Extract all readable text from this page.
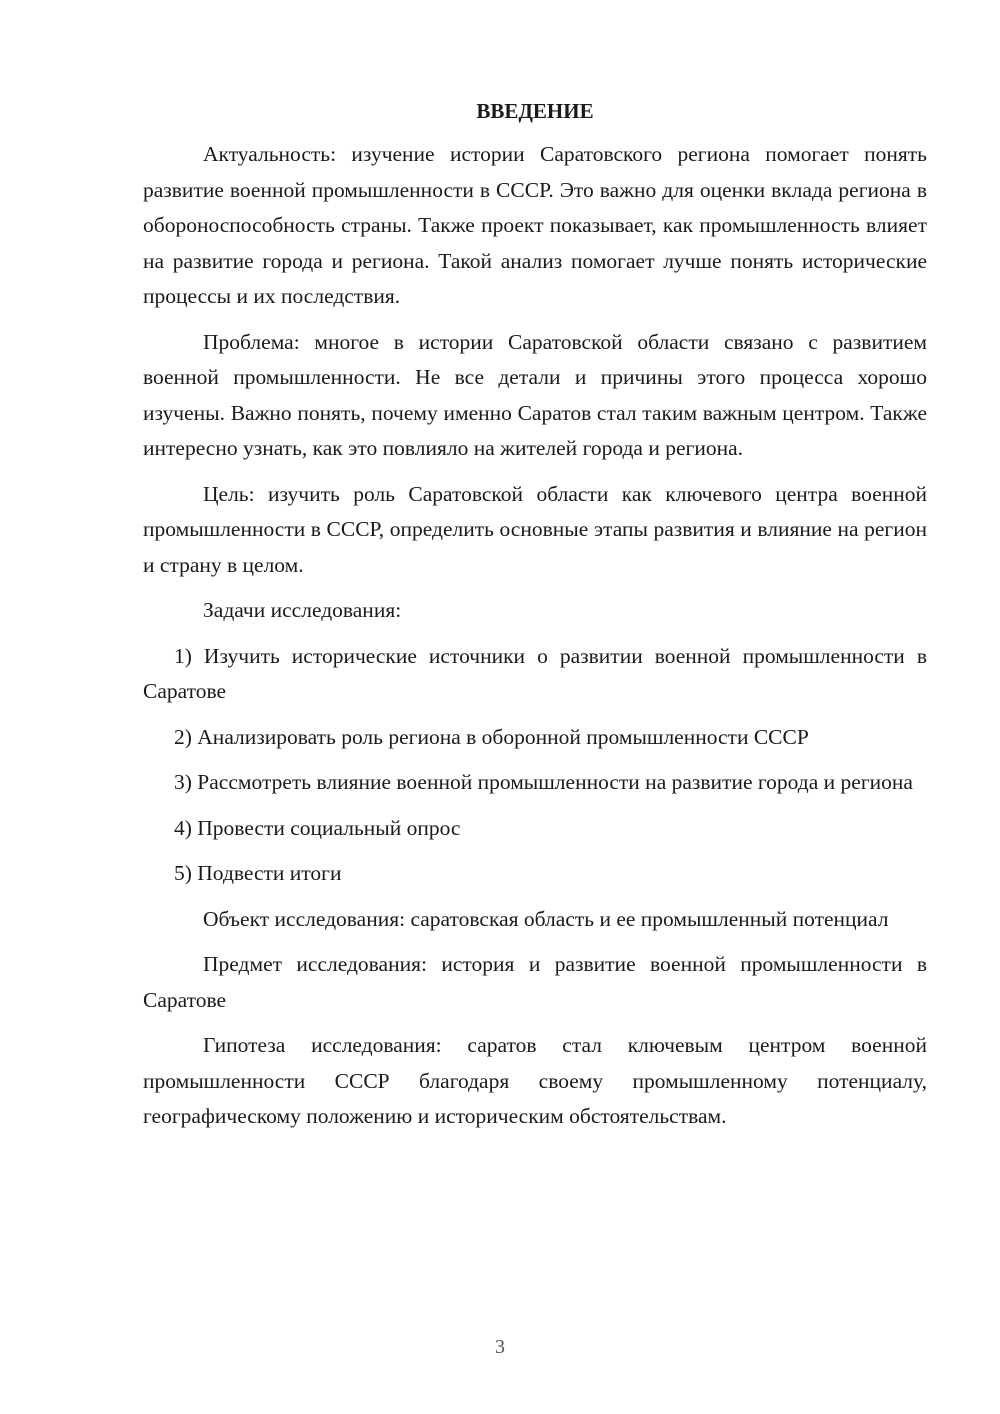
ВВЕДЕНИЕ

Актуальность: изучение истории Саратовского региона помогает понять развитие военной промышленности в СССР. Это важно для оценки вклада региона в обороноспособность страны. Также проект показывает, как промышленность влияет на развитие города и региона. Такой анализ помогает лучше понять исторические процессы и их последствия.

Проблема: многое в истории Саратовской области связано с развитием военной промышленности. Не все детали и причины этого процесса хорошо изучены. Важно понять, почему именно Саратов стал таким важным центром. Также интересно узнать, как это повлияло на жителей города и региона.

Цель: изучить роль Саратовской области как ключевого центра военной промышленности в СССР, определить основные этапы развития и влияние на регион и страну в целом.

Задачи исследования:

1) Изучить исторические источники о развитии военной промышленности в Саратове

2) Анализировать роль региона в оборонной промышленности СССР

3) Рассмотреть влияние военной промышленности на развитие города и региона

4) Провести социальный опрос

5) Подвести итоги

Объект исследования: саратовская область и ее промышленный потенциал

Предмет исследования: история и развитие военной промышленности в Саратове

Гипотеза исследования: саратов стал ключевым центром военной промышленности СССР благодаря своему промышленному потенциалу, географическому положению и историческим обстоятельствам.

3
